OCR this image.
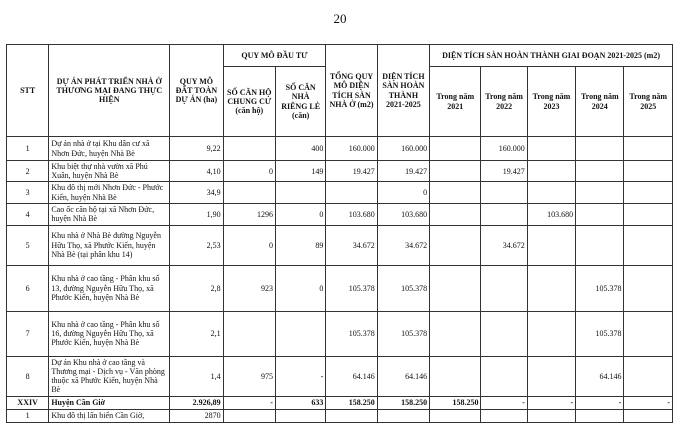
20
STT	DỰ ÁN PHÁT TRIỂN NHÀ Ở THƯƠNG MẠI ĐANG THỰC HIỆN	QUY MÔ ĐẤT TOÀN DỰ ÁN (ha)	QUY MÔ ĐẦU TƯ		TỔNG QUY MÔ DIỆN TÍCH SÀN NHÀ Ở (m2)	DIỆN TÍCH SÀN HOÀN THÀNH 2021-2025	DIỆN TÍCH SÀN HOÀN THÀNH GIAI ĐOẠN 2021-2025 (m2)				
			SỐ CĂN HỘ CHUNG CƯ (căn hộ)	SỐ CĂN NHÀ RIÊNG LẺ (căn)			Trong năm 2021	Trong năm 2022	Trong năm 2023	Trong năm 2024	Trong năm 2025
1	Dự án nhà ở tại Khu dân cư xã Nhơn Đức, huyện Nhà Bè	9,22		400	160.000	160.000		160.000			
2	Khu biệt thự nhà vườn xã Phú Xuân, huyện Nhà Bè	4,10	0	149	19.427	19.427		19.427			
3	Khu đô thị mới Nhơn Đức - Phước Kiển, huyện Nhà Bè	34,9				0					
4	Cao ốc căn hộ tại xã Nhơn Đức, huyện Nhà Bè	1,90	1296	0	103.680	103.680			103.680		
5	Khu nhà ở Nhà Bè đường Nguyễn Hữu Thọ, xã Phước Kiển, huyện Nhà Bè (tại phân khu 14)	2,53	0	89	34.672	34.672		34.672			
6	Khu nhà ở cao tầng - Phân khu số 13, đường Nguyễn Hữu Thọ, xã Phước Kiển, huyện Nhà Bè	2,8	923	0	105.378	105.378				105.378	
7	Khu nhà ở cao tầng - Phân khu số 16, đường Nguyễn Hữu Thọ, xã Phước Kiển, huyện Nhà Bè	2,1			105.378	105.378				105.378	
8	Dự án Khu nhà ở cao tầng và Thương mại - Dịch vụ - Văn phòng thuộc xã Phước Kiển, huyện Nhà Bè	1,4	975	-	64.146	64.146				64.146	
XXIV	Huyện Cần Giờ	2.926,89	-	633	158.250	158.250	158.250	-	-	-	-
1	Khu đô thị lấn biển Cần Giờ,	2870									
